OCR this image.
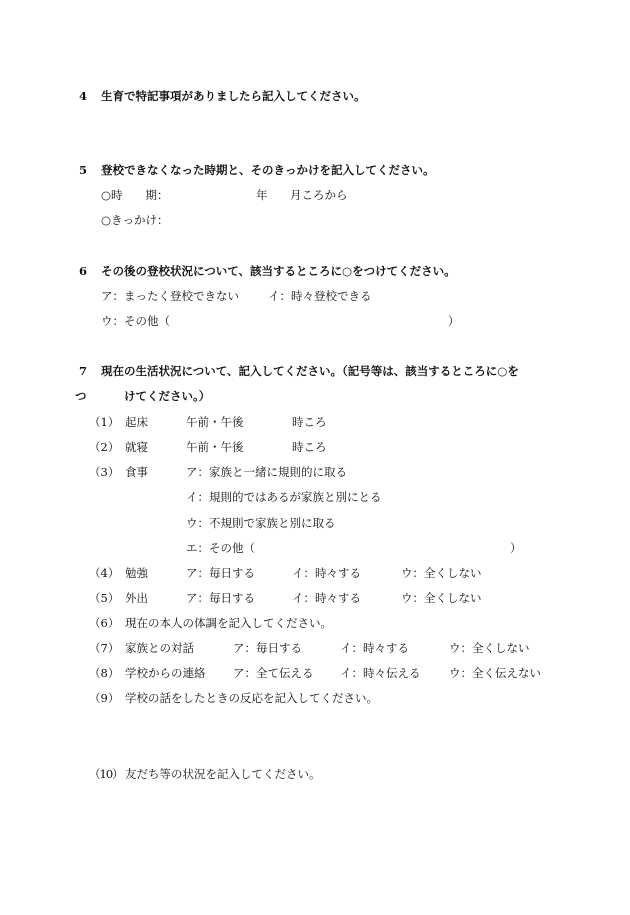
4 生育で特記事項がありましたら記入してください。
5 登校できなくなった時期と、そのきっかけを記入してください。
○時　　期：	年 月ころから
○きっかけ：
6 その後の登校状況について、該当するところに○をつけてください。
ア：まったく登校できない	イ：時々登校できる
ウ：その他（	）
7 現在の生活状況について、記入してください。（記号等は、該当するところに○を
つ	けてください。）
（1） 起床	午前・午後	時ころ
（2） 就寝	午前・午後	時ころ
（3） 食事	ア：家族と一緒に規則的に取る
イ：規則的ではあるが家族と別にとる
ウ：不規則で家族と別に取る
エ：その他（	）
（4） 勉強	ア：毎日する	イ：時々する	ウ：全くしない
（5） 外出	ア：毎日する	イ：時々する	ウ：全くしない
（6） 現在の本人の体調を記入してください。
（7） 家族との対話	ア：毎日する	イ：時々する	ウ：全くしない
（8） 学校からの連絡 ア：全て伝える イ：時々伝える ウ：全く伝えない
（9） 学校の話をしたときの反応を記入してください。
（10） 友だち等の状況を記入してください。
